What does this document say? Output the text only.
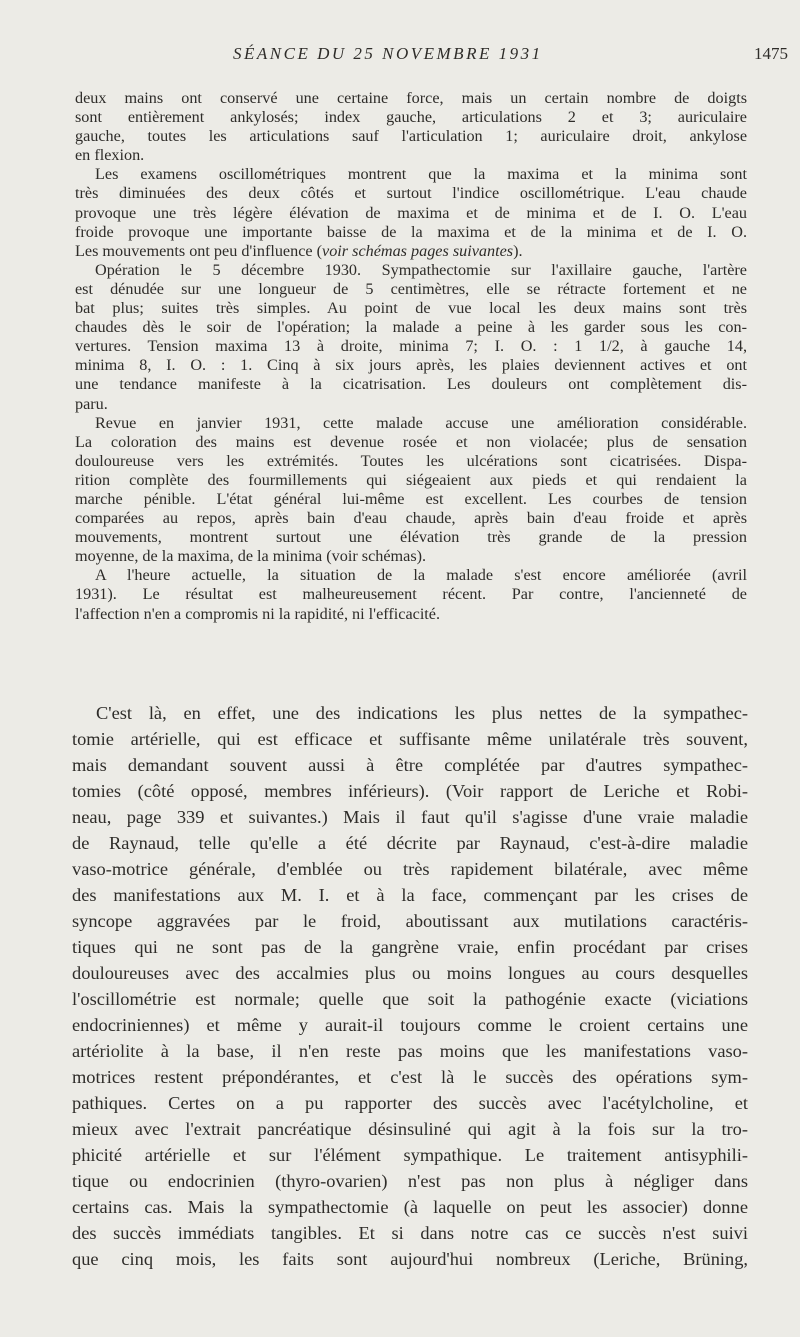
SÉANCE DU 25 NOVEMBRE 1931	1475
deux mains ont conservé une certaine force, mais un certain nombre de doigts
sont entièrement ankylosés; index gauche, articulations 2 et 3; auriculaire
gauche, toutes les articulations sauf l'articulation 1; auriculaire droit, ankylose
en flexion.
Les examens oscillométriques montrent que la maxima et la minima sont
très diminuées des deux côtés et surtout l'indice oscillométrique. L'eau chaude
provoque une très légère élévation de maxima et de minima et de I. O. L'eau
froide provoque une importante baisse de la maxima et de la minima et de I. O.
Les mouvements ont peu d'influence (voir schémas pages suivantes).
Opération le 5 décembre 1930. Sympathectomie sur l'axillaire gauche, l'artère
est dénudée sur une longueur de 5 centimètres, elle se rétracte fortement et ne
bat plus; suites très simples. Au point de vue local les deux mains sont très
chaudes dès le soir de l'opération; la malade a peine à les garder sous les con-
vertures. Tension maxima 13 à droite, minima 7; I. O. : 1 1/2, à gauche 14,
minima 8, I. O. : 1. Cinq à six jours après, les plaies deviennent actives et ont
une tendance manifeste à la cicatrisation. Les douleurs ont complètement dis-
paru.
Revue en janvier 1931, cette malade accuse une amélioration considérable.
La coloration des mains est devenue rosée et non violacée; plus de sensation
douloureuse vers les extrémités. Toutes les ulcérations sont cicatrisées. Dispa-
rition complète des fourmillements qui siégeaient aux pieds et qui rendaient la
marche pénible. L'état général lui-même est excellent. Les courbes de tension
comparées au repos, après bain d'eau chaude, après bain d'eau froide et après
mouvements, montrent surtout une élévation très grande de la pression
moyenne, de la maxima, de la minima (voir schémas).
A l'heure actuelle, la situation de la malade s'est encore améliorée (avril
1931). Le résultat est malheureusement récent. Par contre, l'ancienneté de
l'affection n'en a compromis ni la rapidité, ni l'efficacité.
C'est là, en effet, une des indications les plus nettes de la sympathec-
tomie artérielle, qui est efficace et suffisante même unilatérale très souvent,
mais demandant souvent aussi à être complétée par d'autres sympathec-
tomies (côté opposé, membres inférieurs). (Voir rapport de Leriche et Robi-
neau, page 339 et suivantes.) Mais il faut qu'il s'agisse d'une vraie maladie
de Raynaud, telle qu'elle a été décrite par Raynaud, c'est-à-dire maladie
vaso-motrice générale, d'emblée ou très rapidement bilatérale, avec même
des manifestations aux M. I. et à la face, commençant par les crises de
syncope aggravées par le froid, aboutissant aux mutilations caractéris-
tiques qui ne sont pas de la gangrène vraie, enfin procédant par crises
douloureuses avec des accalmies plus ou moins longues au cours desquelles
l'oscillométrie est normale; quelle que soit la pathogénie exacte (viciations
endocriniennes) et même y aurait-il toujours comme le croient certains une
artériolite à la base, il n'en reste pas moins que les manifestations vaso-
motrices restent prépondérantes, et c'est là le succès des opérations sym-
pathiques. Certes on a pu rapporter des succès avec l'acétylcholine, et
mieux avec l'extrait pancréatique désinsuliné qui agit à la fois sur la tro-
phicité artérielle et sur l'élément sympathique. Le traitement antisyphili-
tique ou endocrinien (thyro-ovarien) n'est pas non plus à négliger dans
certains cas. Mais la sympathectomie (à laquelle on peut les associer) donne
des succès immédiats tangibles. Et si dans notre cas ce succès n'est suivi
que cinq mois, les faits sont aujourd'hui nombreux (Leriche, Brüning,
